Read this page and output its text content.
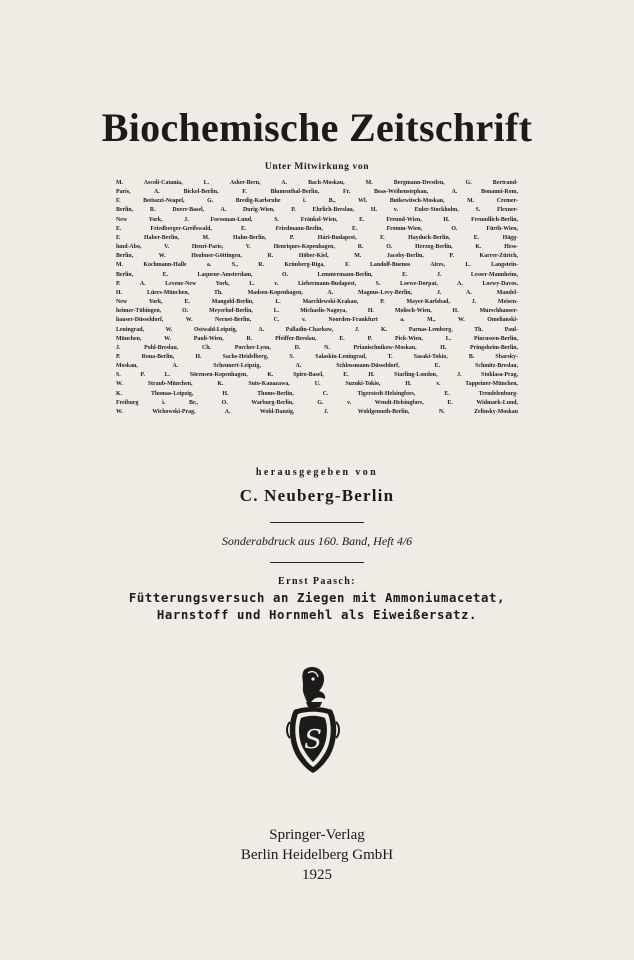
Biochemische Zeitschrift
Unter Mitwirkung von
M. Ascoli-Catania, L. Asher-Bern, A. Bach-Moskau, M. Bergmann-Dresden, G. Bertrand-
Paris, A. Bickel-Berlin, F. Blumenthal-Berlin, Fr. Boas-Weihenstephan, A. Bonanni-Rom,
F. Bottazzi-Neapel, G. Bredig-Karlsruhe i. B., Wl. Butkewitsch-Moskau, M. Cremer-
Berlin, R. Doerr-Basel, A. Durig-Wien, P. Ehrlich-Breslau, H. v. Euler-Stockholm, S. Flexner-
New York, J. Forssman-Lund, S. Fränkel-Wien, E. Freund-Wien, H. Freundlich-Berlin,
E. Friedberger-Greifswald, E. Friedmann-Berlin, E. Fromm-Wien, O. Fürth-Wien,
F. Haber-Berlin, M. Hahn-Berlin, P. Hári-Budapest, F. Hayduck-Berlin, E. Hägg-
lund-Abo, V. Henri-Paris, V. Henriques-Kopenhagen, R. O. Herzog-Berlin, K. Hess-
Berlin, W. Heubner-Göttingen, R. Höber-Kiel, M. Jacoby-Berlin, P. Karrer-Zürich,
M. Kochmann-Halle a. S., R. Krimberg-Riga, F. Landolf-Buenos Aires, L. Langstein-
Berlin, E. Laqueur-Amsterdam, O. Lemmermann-Berlin, E. J. Lesser-Mannheim,
P. A. Levene-New York, L. v. Liebermann-Budapest, S. Loewe-Dorpat, A. Loewy-Davos,
H. Lüers-München, Th. Madsen-Kopenhagen, A. Magnus-Levy-Berlin, J. A. Mandel-
New York, E. Mangold-Berlin, L. Marchlewski-Krakau, P. Mayer-Karlsbad, J. Meisen-
heimer-Tübingen, O. Meyerhof-Berlin, L. Michaelis-Nagoya, H. Molisch-Wien, H. Murschhauser-
hauser-Düsseldorf, W. Nernst-Berlin, C. v. Noorden-Frankfurt a. M., W. Omelianski-
Leningrad, W. Ostwald-Leipzig, A. Palladin-Charkow, J. K. Parnas-Lemberg, Th. Paul-
München, W. Pauli-Wien, R. Pfeiffer-Breslau, E. P. Pick-Wien, L. Pincussen-Berlin,
J. Pohl-Breslau, Ch. Porcher-Lyon, D. N. Prianischnikow-Moskau, H. Pringsheim-Berlin,
P. Rona-Berlin, H. Sachs-Heidelberg, S. Salaskin-Leningrad, T. Sasaki-Tokio, B. Sbarsky-
Moskau, A. Scheunert-Leipzig, A. Schlossmann-Düsseldorf, E. Schmitz-Breslau,
S. P. L. Sörensen-Kopenhagen, K. Spiro-Basel, E. H. Starling-London, J. Stoklasa-Prag,
W. Straub-München, K. Suto-Kanazawa, U. Suzuki-Tokio, H. v. Tappeiner-München,
K. Thomas-Leipzig, H. Thoms-Berlin, C. Tigerstedt-Helsingfors, E. Trendelenburg-
Freiburg i. Br., O. Warburg-Berlin, G. v. Wendt-Helsingfors, E. Widmark-Lund,
W. Wichowski-Prag, A. Wohl-Danzig, J. Wohlgemuth-Berlin, N. Zelinsky-Moskau
herausgegeben von
C. Neuberg-Berlin
Sonderabdruck aus 160. Band, Heft 4/6
Ernst Paasch:
Fütterungsversuch an Ziegen mit Ammoniumacetat,
Harnstoff und Hornmehl als Eiweißersatz.
S
Springer-Verlag
Berlin Heidelberg GmbH
1925
